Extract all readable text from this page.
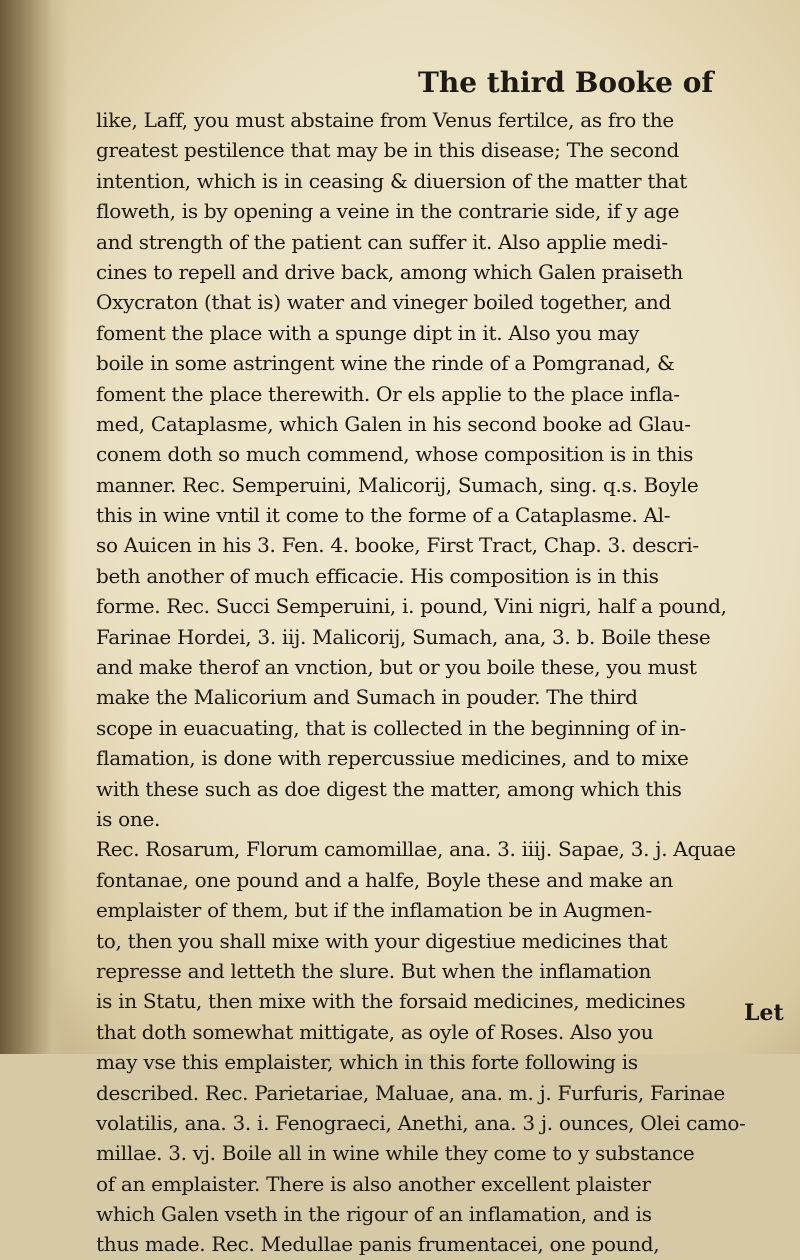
The third Booke of
like, Laff, you must abstaine from Venus fertilce, as fro the
greatest pestilence that may be in this disease; The second
intention, which is in ceasing & diuersion of the matter that
floweth, is by opening a veine in the contrarie side, if y age
and strength of the patient can suffer it. Also applie medi-
cines to repell and drive back, among which Galen praiseth
Oxycraton (that is) water and vineger boiled together, and
foment the place with a spunge dipt in it. Also you may
boile in some astringent wine the rinde of a Pomgranad, &
foment the place therewith. Or els applie to the place infla-
med, Cataplasme, which Galen in his second booke ad Glau-
conem doth so much commend, whose composition is in this
manner. Rec. Semperuini, Malicorij, Sumach, sing. q.s. Boyle
this in wine vntil it come to the forme of a Cataplasme. Al-
so Auicen in his 3. Fen. 4. booke, First Tract, Chap. 3. descri-
beth another of much efficacie. His composition is in this
forme. Rec. Succi Semperuini, i. pound, Vini nigri, half a pound,
Farinae Hordei, 3. iij. Malicorij, Sumach, ana, 3. b. Boile these
and make therof an vnction, but or you boile these, you must
make the Malicorium and Sumach in pouder. The third
scope in euacuating, that is collected in the beginning of in-
flamation, is done with repercussiue medicines, and to mixe
with these such as doe digest the matter, among which this
is one.
Rec. Rosarum, Florum camomillae, ana. 3. iiij. Sapae, 3. j. Aquae
fontanae, one pound and a halfe, Boyle these and make an
emplaister of them, but if the inflamation be in Augmen-
to, then you shall mixe with your digestiue medicines that
represse and letteth the slure. But when the inflamation
is in Statu, then mixe with the forsaid medicines, medicines
that doth somewhat mittigate, as oyle of Roses. Also you
may vse this emplaister, which in this forte following is
described. Rec. Parietariae, Maluae, ana. m. j. Furfuris, Farinae
volatilis, ana. 3. i. Fenograeci, Anethi, ana. 3 j. ounces, Olei camo-
millae. 3. vj. Boile all in wine while they come to y substance
of an emplaister. There is also another excellent plaister
which Galen vseth in the rigour of an inflamation, and is
thus made. Rec. Medullae panis frumentacei, one pound,
Let
